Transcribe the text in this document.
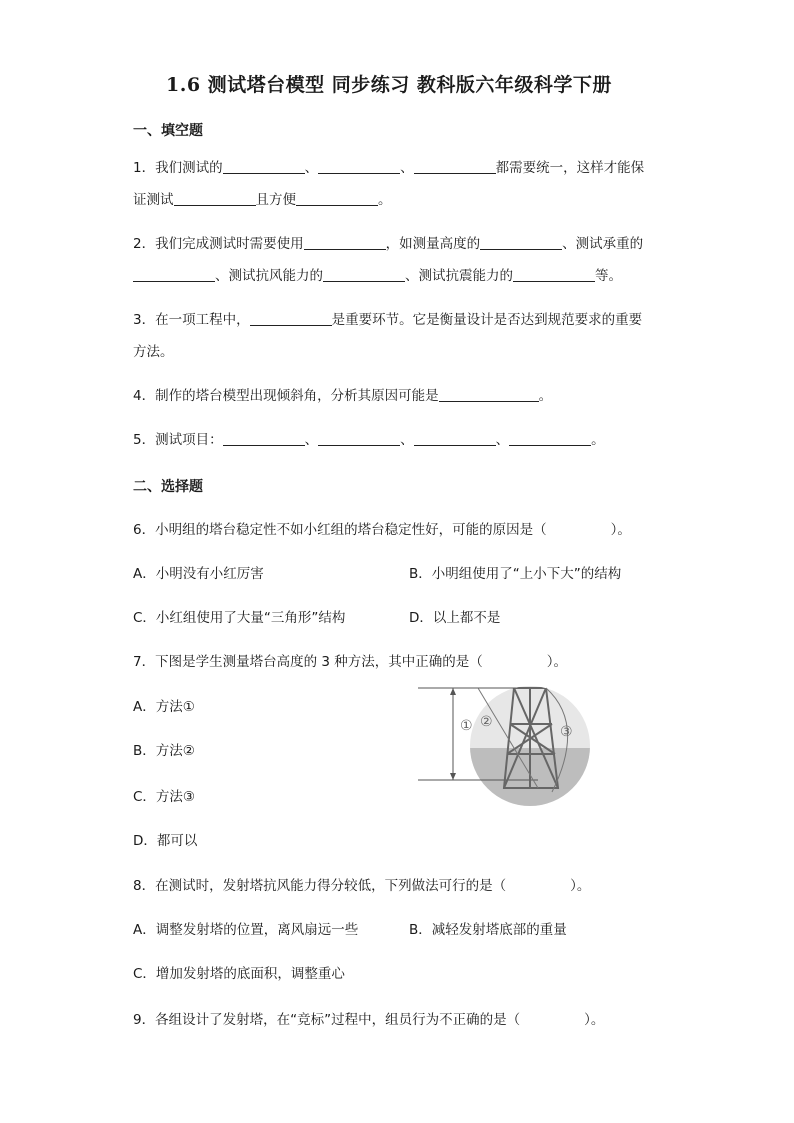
1.6 测试塔台模型 同步练习 教科版六年级科学下册
一、填空题
1．我们测试的	、	、	都需要统一，这样才能保
证测试	且方便	。
2．我们完成测试时需要使用	，如测量高度的	、测试承重的
、测试抗风能力的	、测试抗震能力的	等。
3．在一项工程中，	是重要环节。它是衡量设计是否达到规范要求的重要
方法。
4．制作的塔台模型出现倾斜角，分析其原因可能是	。
5．测试项目：	、	、	、	。
二、选择题
6．小明组的塔台稳定性不如小红组的塔台稳定性好，可能的原因是（	）。
A．小明没有小红厉害	B．小明组使用了“上小下大”的结构
C．小红组使用了大量“三角形”结构	D．以上都不是
7．下图是学生测量塔台高度的 3 种方法，其中正确的是（	）。
A．方法①
B．方法②
C．方法③
D．都可以
① ②
③
8．在测试时，发射塔抗风能力得分较低，下列做法可行的是（	）。
A．调整发射塔的位置，离风扇远一些	B．减轻发射塔底部的重量
C．增加发射塔的底面积，调整重心
9．各组设计了发射塔，在“竞标”过程中，组员行为不正确的是（	）。
